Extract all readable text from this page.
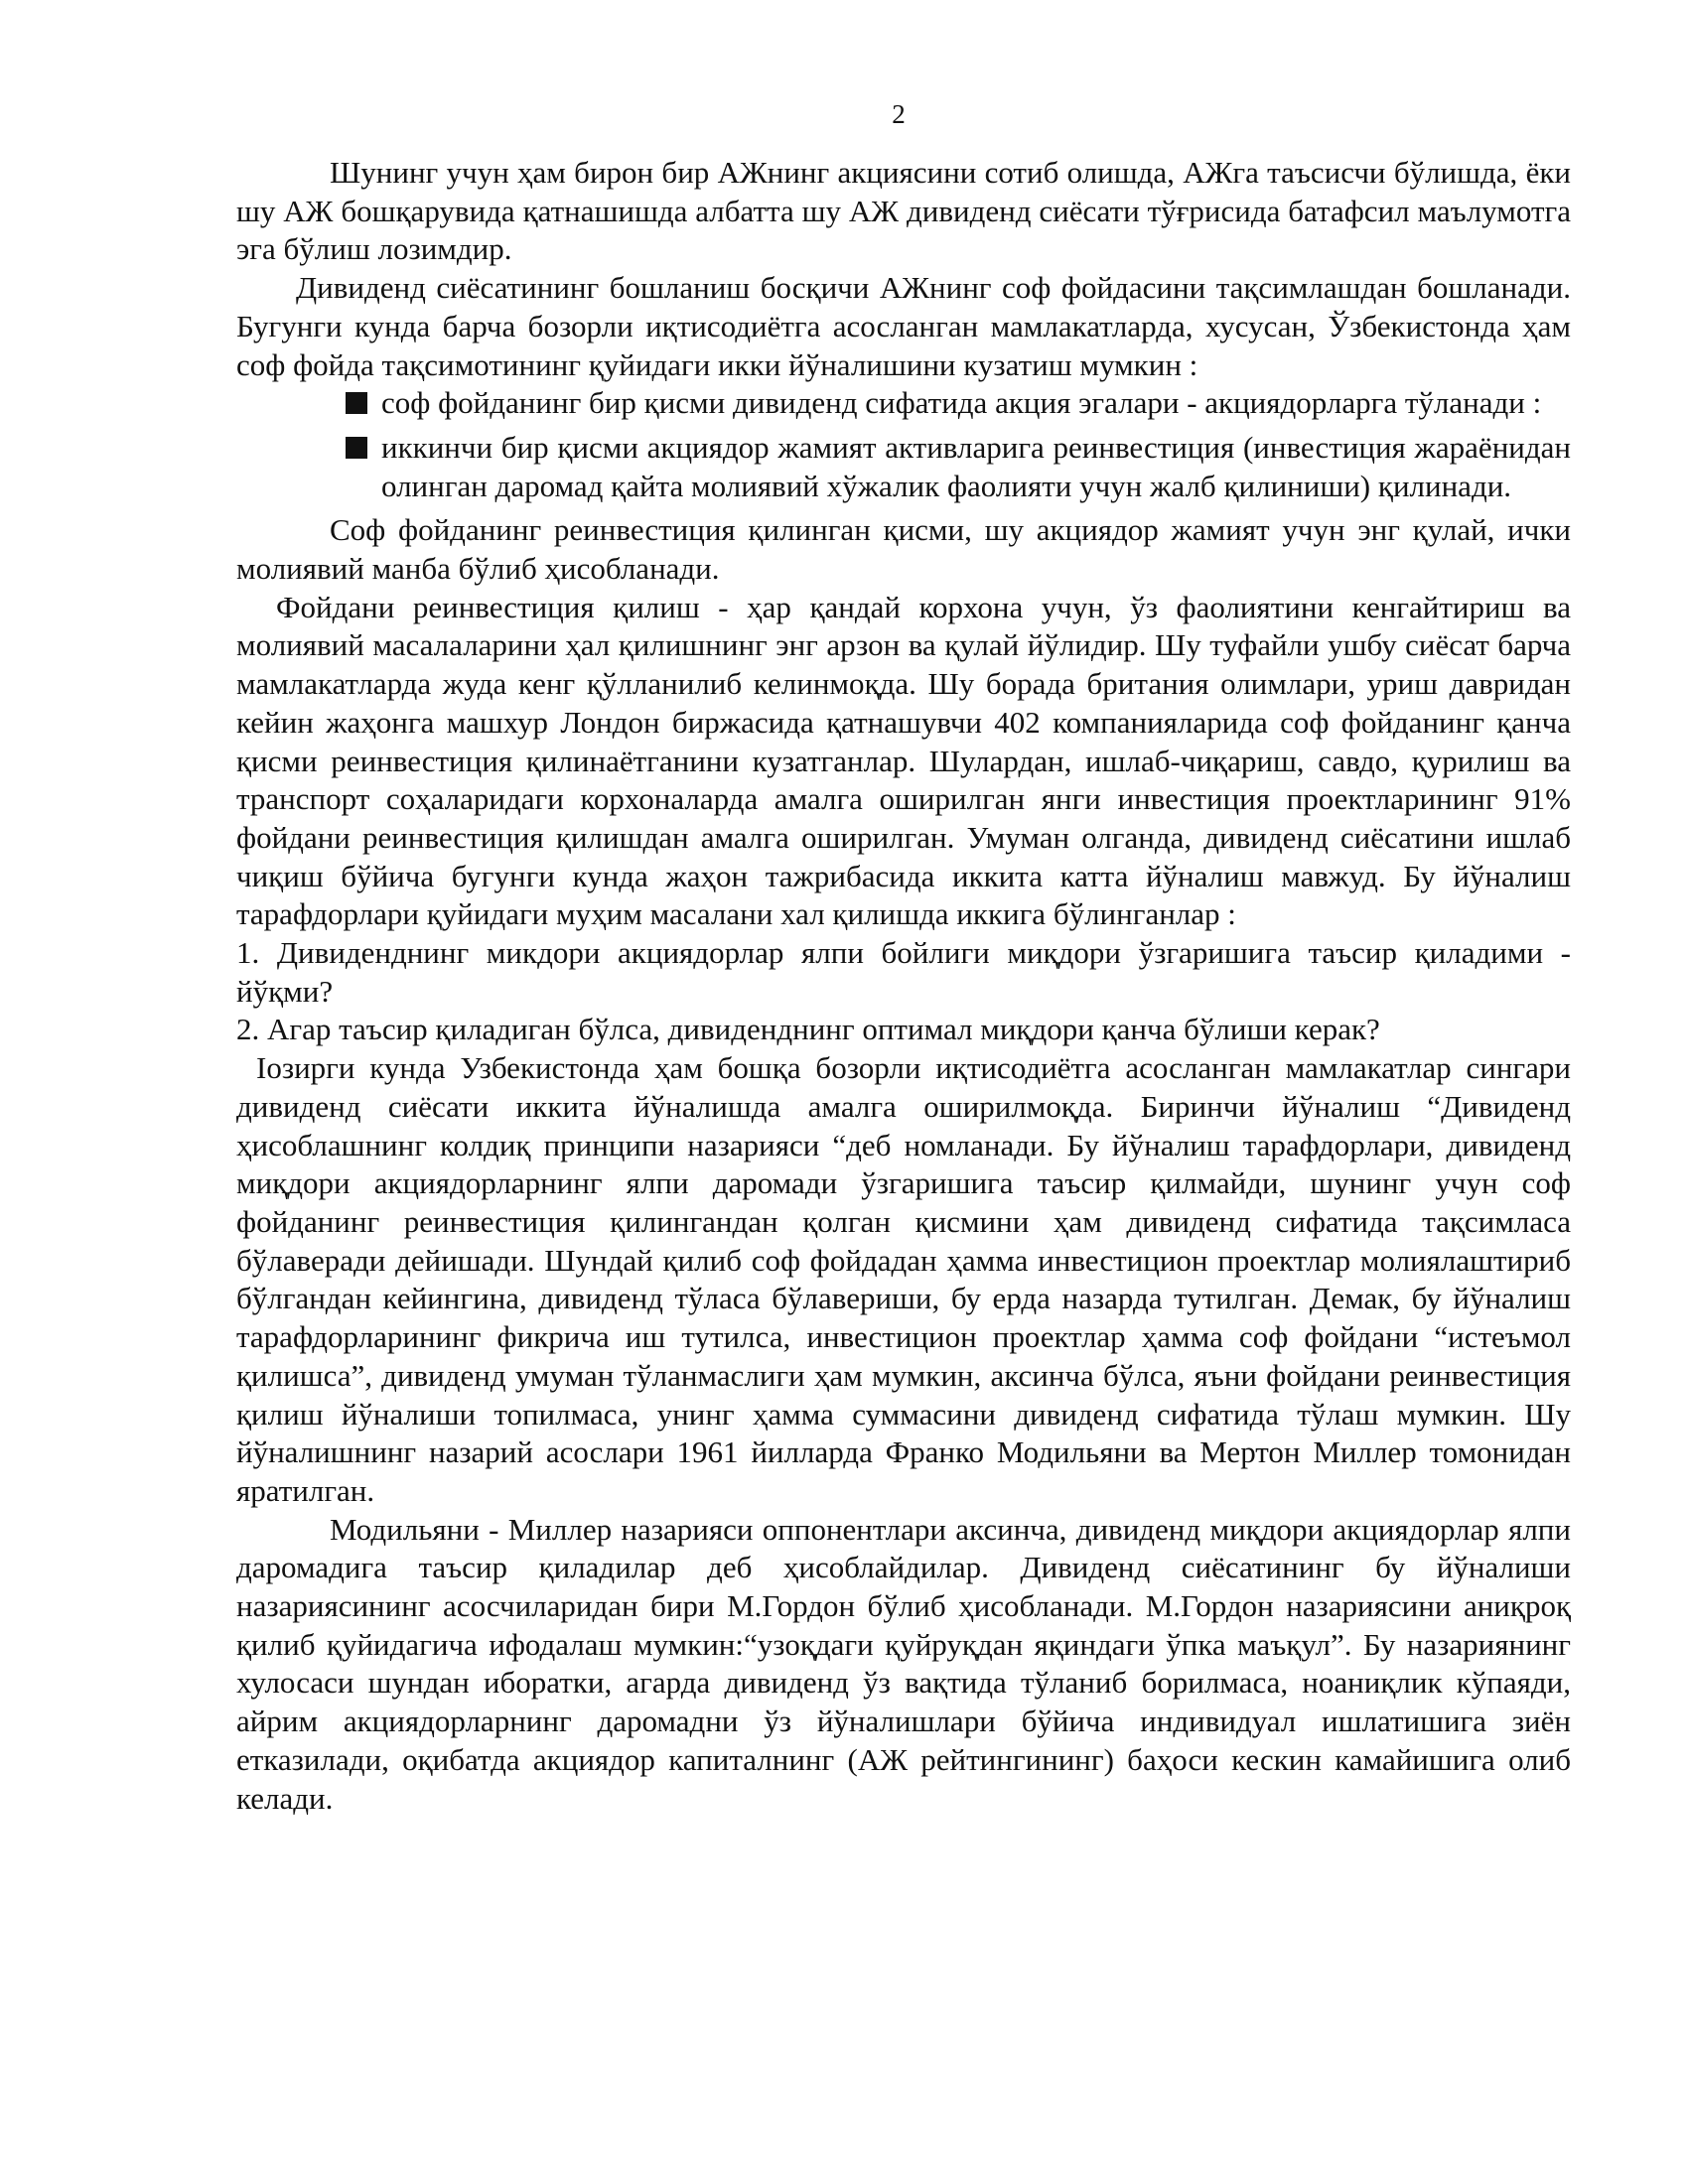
2

Шунинг учун ҳам бирон бир АЖнинг акциясини сотиб олишда, АЖга таъсисчи бўлишда, ёки шу АЖ бошқарувида қатнашишда албатта шу АЖ дивиденд сиёсати тўғрисида батафсил маълумотга эга бўлиш лозимдир.

Дивиденд сиёсатининг бошланиш босқичи АЖнинг соф фойдасини тақсимлашдан бошланади. Бугунги кунда барча бозорли иқтисодиётга асосланган мамлакатларда, хусусан, Ўзбекистонда ҳам соф фойда тақсимотининг қуйидаги икки йўналишини кузатиш мумкин :

соф фойданинг бир қисми дивиденд сифатида акция эгалари - акциядорларга тўланади :
иккинчи бир қисми акциядор жамият активларига реинвестиция (инвестиция жараёнидан олинган даромад қайта молиявий хўжалик фаолияти учун жалб қилиниши) қилинади.

Соф фойданинг реинвестиция қилинган қисми, шу акциядор жамият учун энг қулай, ички молиявий манба бўлиб ҳисобланади.

Фойдани реинвестиция қилиш - ҳар қандай корхона учун, ўз фаолиятини кенгайтириш ва молиявий масалаларини ҳал қилишнинг энг арзон ва қулай йўлидир. Шу туфайли ушбу сиёсат барча мамлакатларда жуда кенг қўлланилиб келинмоқда. Шу борада британия олимлари, уриш давридан кейин жаҳонга машхур Лондон биржасида қатнашувчи 402 компанияларида соф фойданинг қанча қисми реинвестиция қилинаётганини кузатганлар. Шулардан, ишлаб-чиқариш, савдо, қурилиш ва транспорт соҳаларидаги корхоналарда амалга оширилган янги инвестиция проектларининг 91% фойдани реинвестиция қилишдан амалга оширилган. Умуман олганда, дивиденд сиёсатини ишлаб чиқиш бўйича бугунги кунда жаҳон тажрибасида иккита катта йўналиш мавжуд. Бу йўналиш тарафдорлари қуйидаги муҳим масалани хал қилишда иккига бўлинганлар :

1. Дивиденднинг микдори акциядорлар ялпи бойлиги миқдори ўзгаришига таъсир қиладими - йўқми?

2. Агар таъсир қиладиган бўлса, дивиденднинг оптимал миқдори қанча бўлиши керак?

Іозирги кунда Узбекистонда ҳам бошқа бозорли иқтисодиётга асосланган мамлакатлар сингари дивиденд сиёсати иккита йўналишда амалга оширилмоқда. Биринчи йўналиш “Дивиденд ҳисоблашнинг колдиқ принципи назарияси “деб номланади. Бу йўналиш тарафдорлари, дивиденд миқдори акциядорларнинг ялпи даромади ўзгаришига таъсир қилмайди, шунинг учун соф фойданинг реинвестиция қилингандан қолган қисмини ҳам дивиденд сифатида тақсимласа бўлаверади дейишади. Шундай қилиб соф фойдадан ҳамма инвестицион проектлар молиялаштириб бўлгандан кейингина, дивиденд тўласа бўлавериши, бу ерда назарда тутилган. Демак, бу йўналиш тарафдорларининг фикрича иш тутилса, инвестицион проектлар ҳамма соф фойдани “истеъмол қилишса”, дивиденд умуман тўланмаслиги ҳам мумкин, аксинча бўлса, яъни фойдани реинвестиция қилиш йўналиши топилмаса, унинг ҳамма суммасини дивиденд сифатида тўлаш мумкин. Шу йўналишнинг назарий асослари 1961 йилларда Франко Модильяни ва Мертон Миллер томонидан яратилган.

Модильяни - Миллер назарияси оппонентлари аксинча, дивиденд миқдори акциядорлар ялпи даромадига таъсир қиладилар деб ҳисоблайдилар. Дивиденд сиёсатининг бу йўналиши назариясининг асосчиларидан бири М.Гордон бўлиб ҳисобланади. М.Гордон назариясини аниқроқ қилиб қуйидагича ифодалаш мумкин:“узоқдаги қуйруқдан яқиндаги ўпка маъқул”. Бу назариянинг хулосаси шундан иборатки, агарда дивиденд ўз вақтида тўланиб борилмаса, ноаниқлик кўпаяди, айрим акциядорларнинг даромадни ўз йўналишлари бўйича индивидуал ишлатишига зиён етказилади, оқибатда акциядор капиталнинг (АЖ рейтингининг) баҳоси кескин камайишига олиб келади.
